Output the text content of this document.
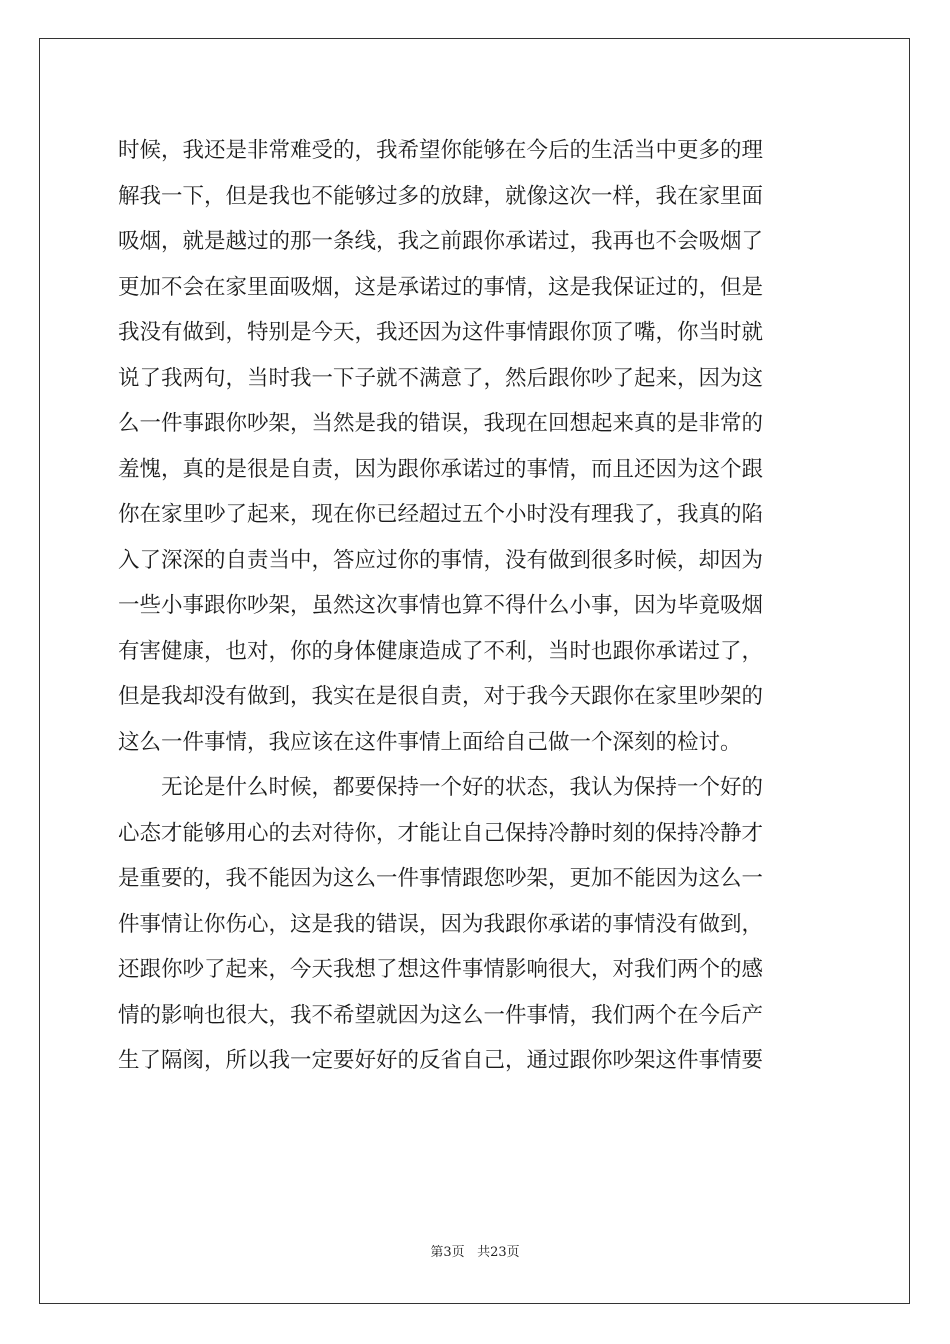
时候，我还是非常难受的，我希望你能够在今后的生活当中更多的理
解我一下，但是我也不能够过多的放肆，就像这次一样，我在家里面
吸烟，就是越过的那一条线，我之前跟你承诺过，我再也不会吸烟了
更加不会在家里面吸烟，这是承诺过的事情，这是我保证过的，但是
我没有做到，特别是今天，我还因为这件事情跟你顶了嘴，你当时就
说了我两句，当时我一下子就不满意了，然后跟你吵了起来，因为这
么一件事跟你吵架，当然是我的错误，我现在回想起来真的是非常的
羞愧，真的是很是自责，因为跟你承诺过的事情，而且还因为这个跟
你在家里吵了起来，现在你已经超过五个小时没有理我了，我真的陷
入了深深的自责当中，答应过你的事情，没有做到很多时候，却因为
一些小事跟你吵架，虽然这次事情也算不得什么小事，因为毕竟吸烟
有害健康，也对，你的身体健康造成了不利，当时也跟你承诺过了，
但是我却没有做到，我实在是很自责，对于我今天跟你在家里吵架的
这么一件事情，我应该在这件事情上面给自己做一个深刻的检讨。
无论是什么时候，都要保持一个好的状态，我认为保持一个好的
心态才能够用心的去对待你，才能让自己保持冷静时刻的保持冷静才
是重要的，我不能因为这么一件事情跟您吵架，更加不能因为这么一
件事情让你伤心，这是我的错误，因为我跟你承诺的事情没有做到，
还跟你吵了起来，今天我想了想这件事情影响很大，对我们两个的感
情的影响也很大，我不希望就因为这么一件事情，我们两个在今后产
生了隔阂，所以我一定要好好的反省自己，通过跟你吵架这件事情要
第3页 共23页
